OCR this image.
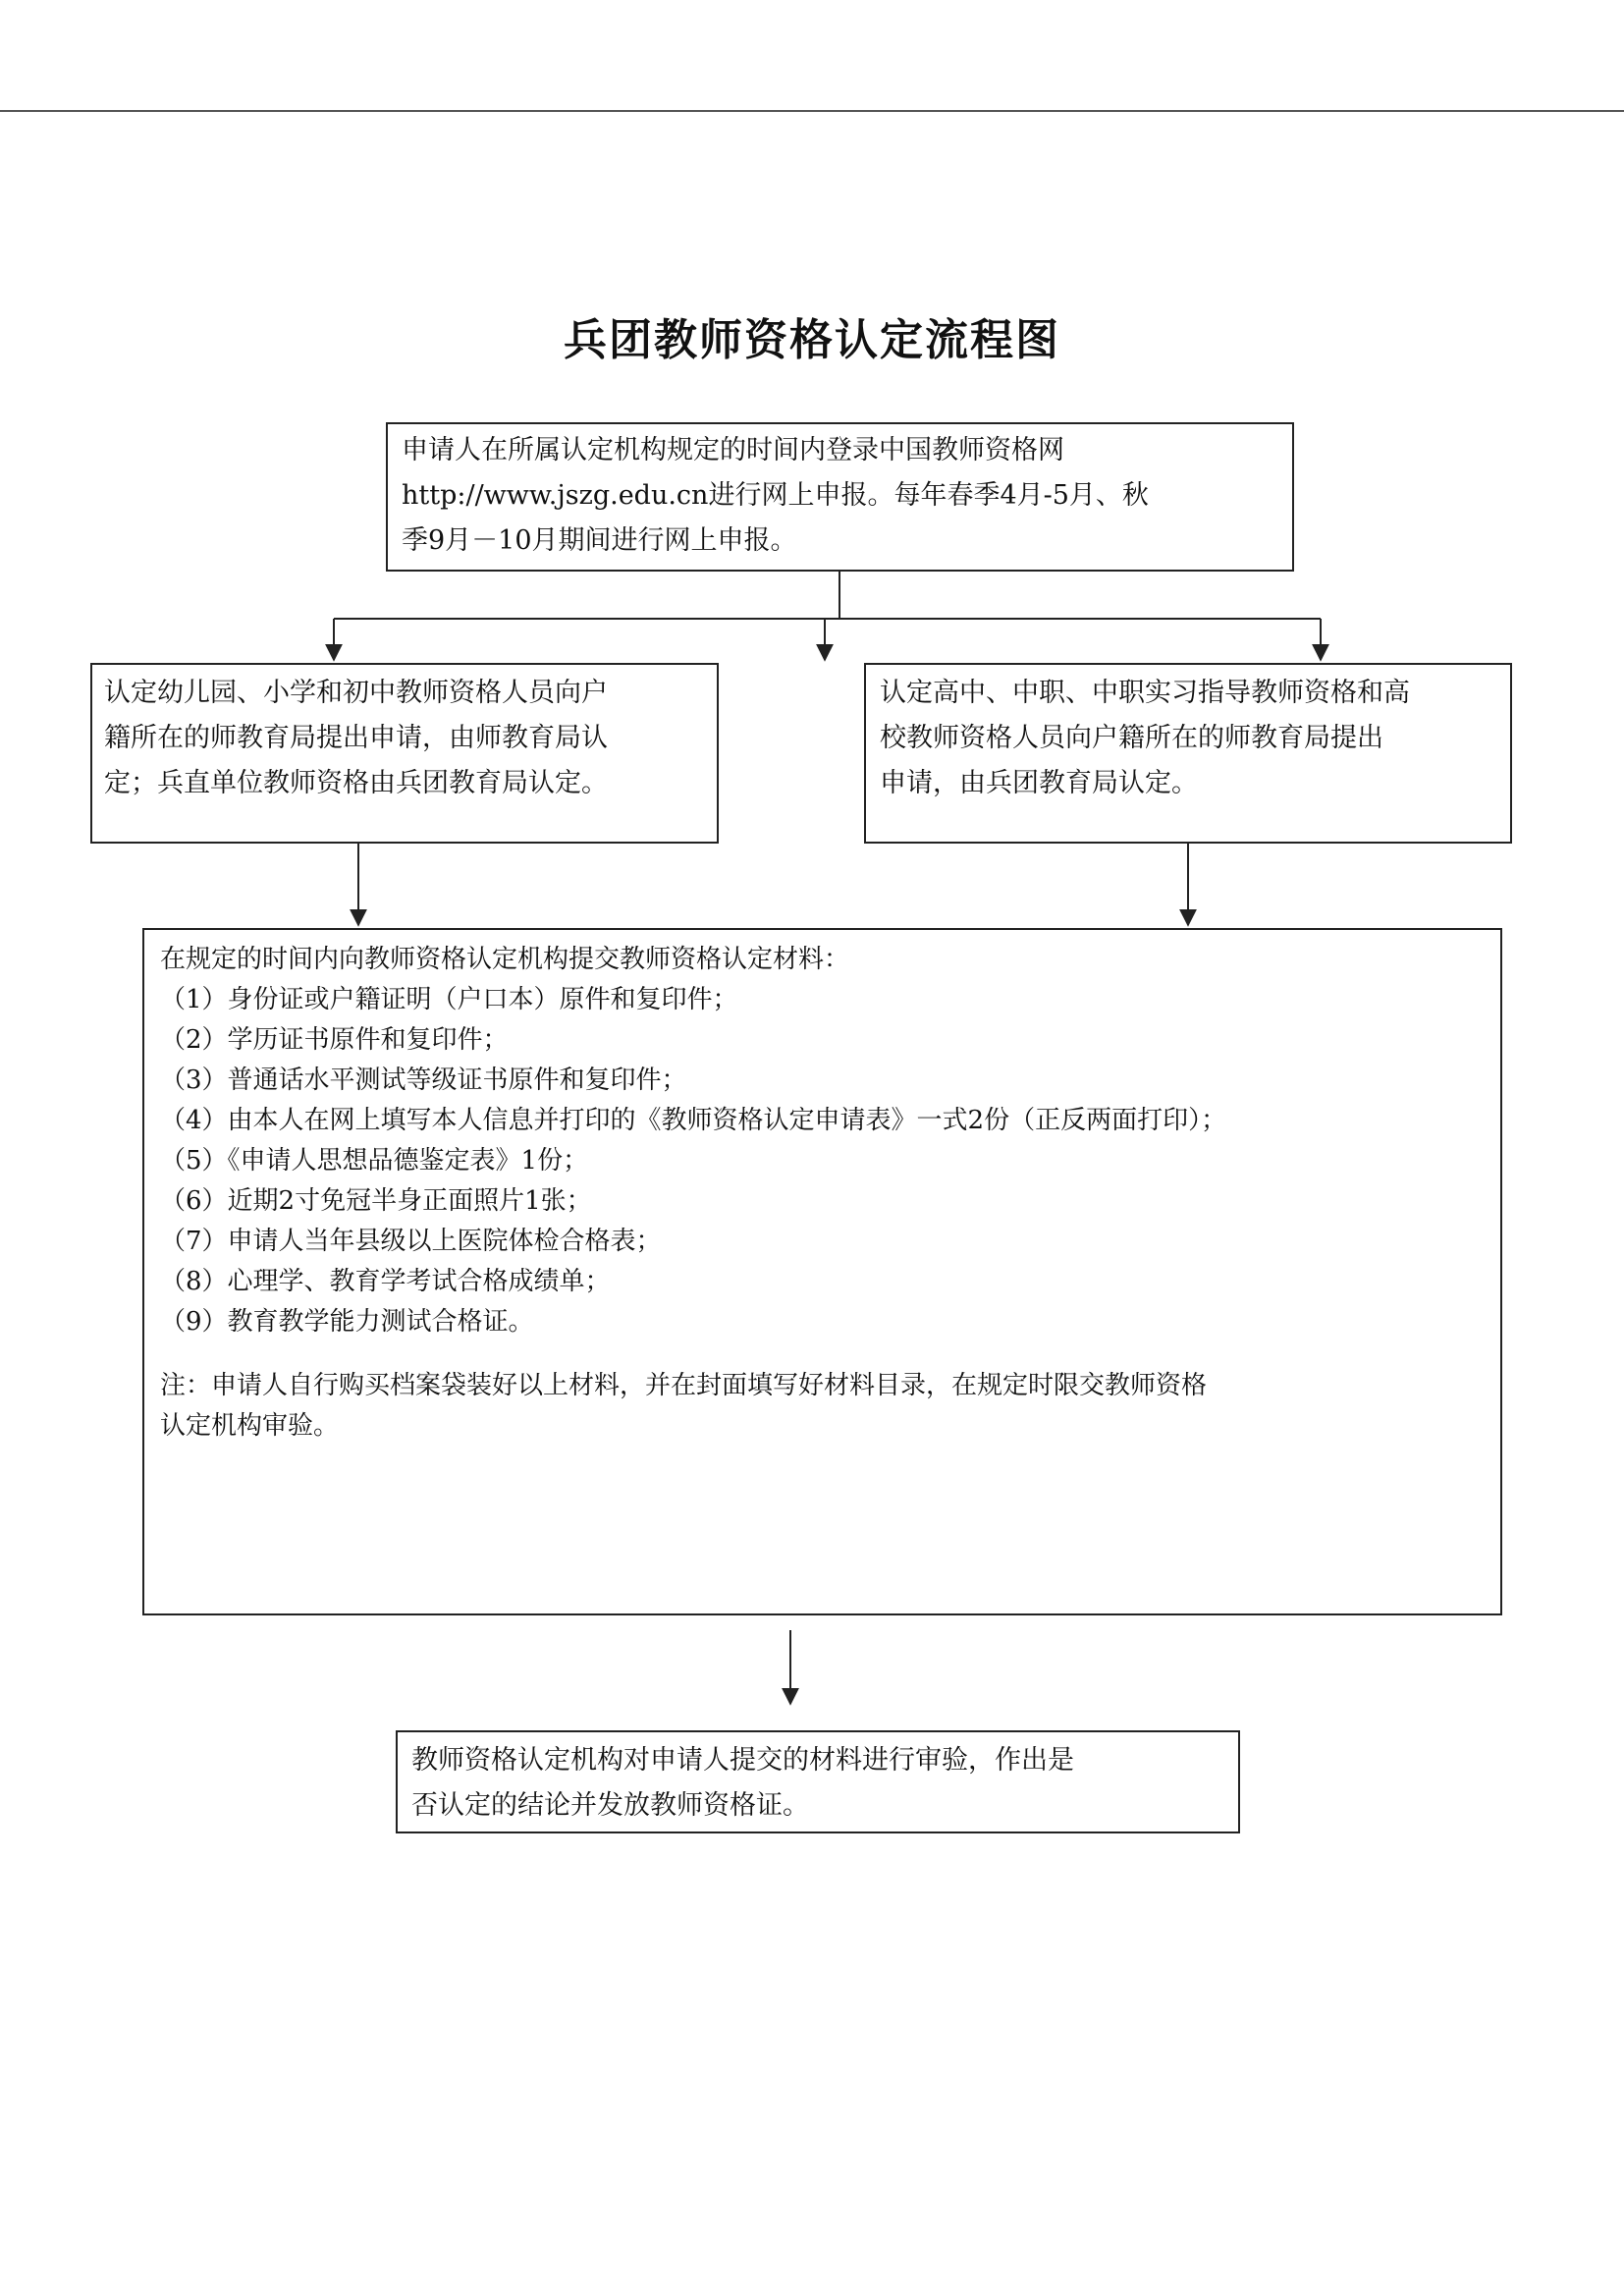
兵团教师资格认定流程图

申请人在所属认定机构规定的时间内登录中国教师资格网

http://www.jszg.edu.cn进行网上申报。每年春季4月-5月、秋

季9月－10月期间进行网上申报。

认定幼儿园、小学和初中教师资格人员向户

籍所在的师教育局提出申请，由师教育局认

定；兵直单位教师资格由兵团教育局认定。

认定高中、中职、中职实习指导教师资格和高

校教师资格人员向户籍所在的师教育局提出

申请，由兵团教育局认定。

在规定的时间内向教师资格认定机构提交教师资格认定材料：

（1）身份证或户籍证明（户口本）原件和复印件；

（2）学历证书原件和复印件；

（3）普通话水平测试等级证书原件和复印件；

（4）由本人在网上填写本人信息并打印的《教师资格认定申请表》一式2份（正反两面打印）；

（5）《申请人思想品德鉴定表》1份；

（6）近期2寸免冠半身正面照片1张；

（7）申请人当年县级以上医院体检合格表；

（8）心理学、教育学考试合格成绩单；

（9）教育教学能力测试合格证。

注：申请人自行购买档案袋装好以上材料，并在封面填写好材料目录，在规定时限交教师资格

认定机构审验。

教师资格认定机构对申请人提交的材料进行审验，作出是

否认定的结论并发放教师资格证。
